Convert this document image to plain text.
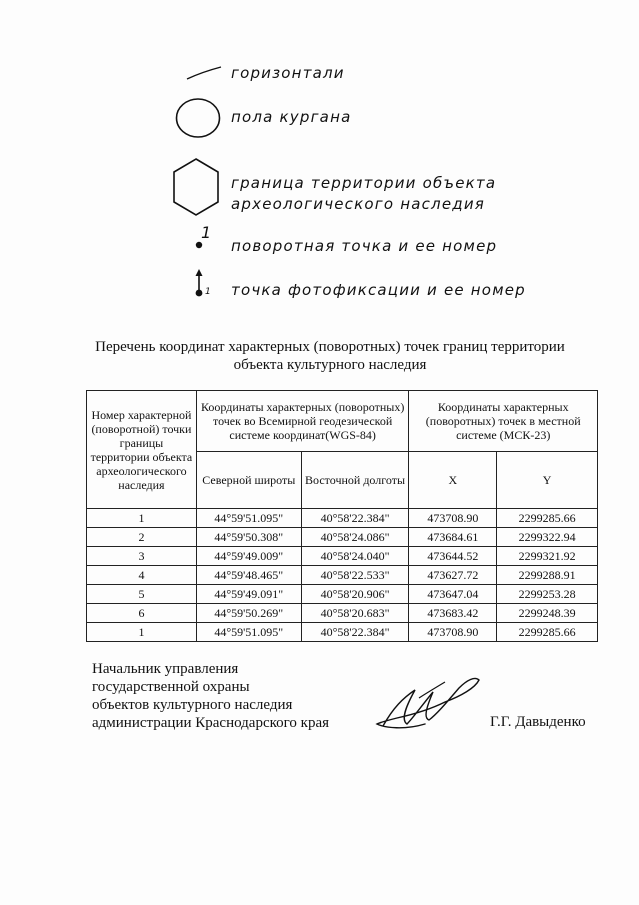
горизонтали
пола кургана
граница территории объекта
археологического наследия
1
поворотная точка и ее номер
1 точка фотофиксации и ее номер
Перечень координат характерных (поворотных) точек границ территории
объекта культурного наследия
Номер характерной (поворотной) точки границы территории объекта археологического наследия	Координаты характерных (поворотных) точек во Всемирной геодезической системе координат(WGS-84)		Координаты характерных (поворотных) точек в местной системе (МСК-23)	
	Северной широты	Восточной долготы	X	Y
1	44°59'51.095"	40°58'22.384"	473708.90	2299285.66
2	44°59'50.308"	40°58'24.086"	473684.61	2299322.94
3	44°59'49.009"	40°58'24.040"	473644.52	2299321.92
4	44°59'48.465"	40°58'22.533"	473627.72	2299288.91
5	44°59'49.091"	40°58'20.906"	473647.04	2299253.28
6	44°59'50.269"	40°58'20.683"	473683.42	2299248.39
1	44°59'51.095"	40°58'22.384"	473708.90	2299285.66
Начальник управления
государственной охраны
объектов культурного наследия
администрации Краснодарского края	Г.Г. Давыденко
